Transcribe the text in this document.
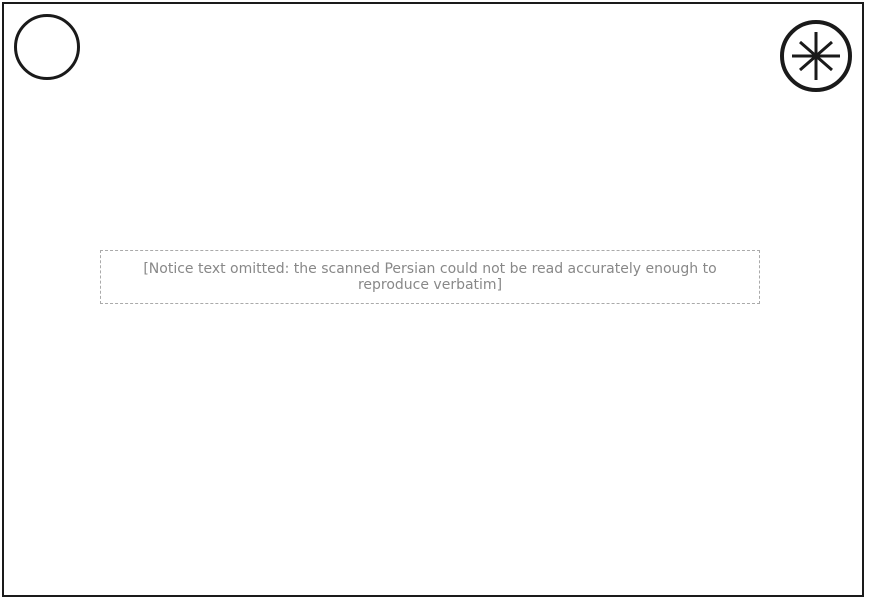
[Notice text omitted: the scanned Persian could not be read accurately enough to reproduce verbatim]
